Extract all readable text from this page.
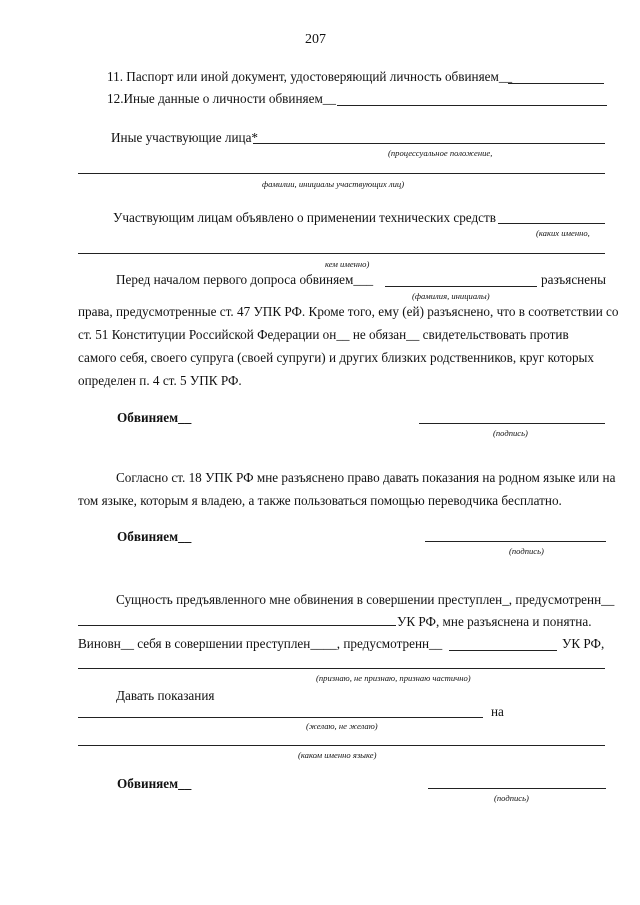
207
11. Паспорт или иной документ, удостоверяющий личность обвиняем__
12.Иные данные о личности обвиняем__
Иные участвующие лица*
(процессуальное положение,
фамилии, инициалы участвующих лиц)
Участвующим лицам объявлено о применении технических средств
(каких именно,
кем именно)
Перед началом первого допроса обвиняем___	разъяснены
(фамилия, инициалы)
права, предусмотренные ст. 47 УПК РФ. Кроме того, ему (ей) разъяснено, что в соответствии со
ст. 51 Конституции Российской Федерации он__ не обязан__ свидетельствовать против
самого себя, своего супруга (своей супруги) и других близких родственников, круг которых
определен п. 4 ст. 5 УПК РФ.
Обвиняем__
(подпись)
Согласно ст. 18 УПК РФ мне разъяснено право давать показания на родном языке или на
том языке, которым я владею, а также пользоваться помощью переводчика бесплатно.
Обвиняем__
(подпись)
Сущность предъявленного мне обвинения в совершении преступлен_, предусмотренн__
УК РФ, мне разъяснена и понятна.
Виновн__ себя в совершении преступлен____, предусмотренн__	УК РФ,
(признаю, не признаю, признаю частично)
Давать показания
на
(желаю, не желаю)
(каком именно языке)
Обвиняем__
(подпись)
